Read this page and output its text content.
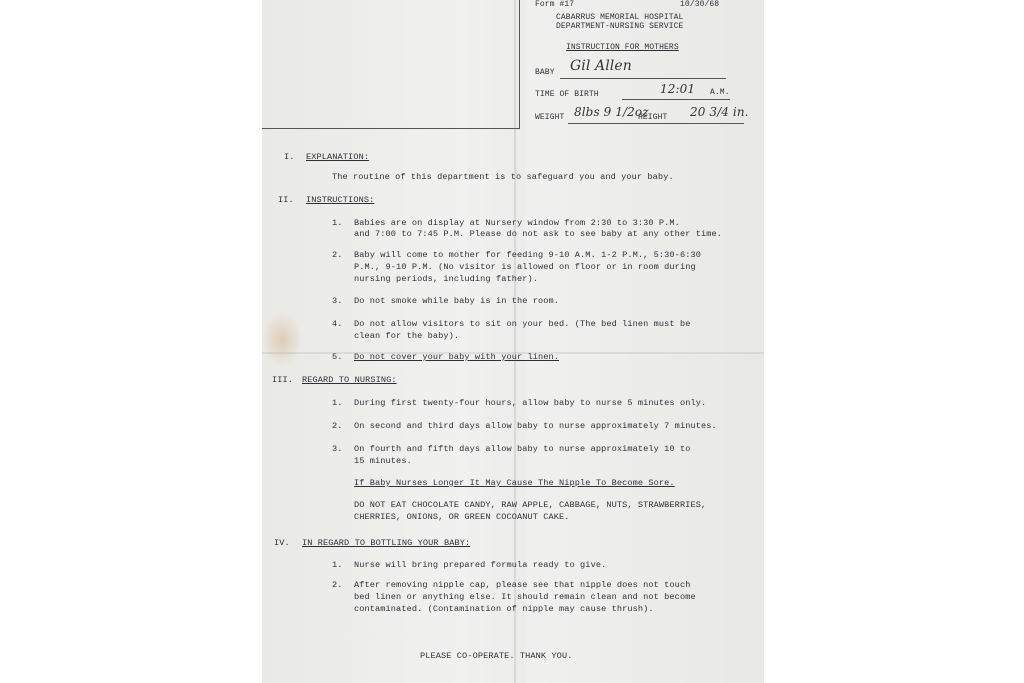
Form #17	10/30/68
CABARRUS MEMORIAL HOSPITAL
DEPARTMENT-NURSING SERVICE
INSTRUCTION FOR MOTHERS
BABY Gil Allen
TIME OF BIRTH	12:01 A.M.
WEIGHT 8lbs 9 1/2oz
HEIGHT 20 3/4 in.
I. EXPLANATION:
The routine of this department is to safeguard you and your baby.
II. INSTRUCTIONS:
1. Babies are on display at Nursery window from 2:30 to 3:30 P.M.
and 7:00 to 7:45 P.M. Please do not ask to see baby at any other time.
2. Baby will come to mother for feeding 9-10 A.M. 1-2 P.M., 5:30-6:30
P.M., 9-10 P.M. (No visitor is allowed on floor or in room during
nursing periods, including father).
3. Do not smoke while baby is in the room.
4. Do not allow visitors to sit on your bed. (The bed linen must be
clean for the baby).
5. Do not cover your baby with your linen.
III. REGARD TO NURSING:
1. During first twenty-four hours, allow baby to nurse 5 minutes only.
2. On second and third days allow baby to nurse approximately 7 minutes.
3. On fourth and fifth days allow baby to nurse approximately 10 to
15 minutes.
If Baby Nurses Longer It May Cause The Nipple To Become Sore.
DO NOT EAT CHOCOLATE CANDY, RAW APPLE, CABBAGE, NUTS, STRAWBERRIES,
CHERRIES, ONIONS, OR GREEN COCOANUT CAKE.
IV. IN REGARD TO BOTTLING YOUR BABY:
1. Nurse will bring prepared formula ready to give.
2. After removing nipple cap, please see that nipple does not touch
bed linen or anything else. It should remain clean and not become
contaminated. (Contamination of nipple may cause thrush).
PLEASE CO-OPERATE. THANK YOU.
